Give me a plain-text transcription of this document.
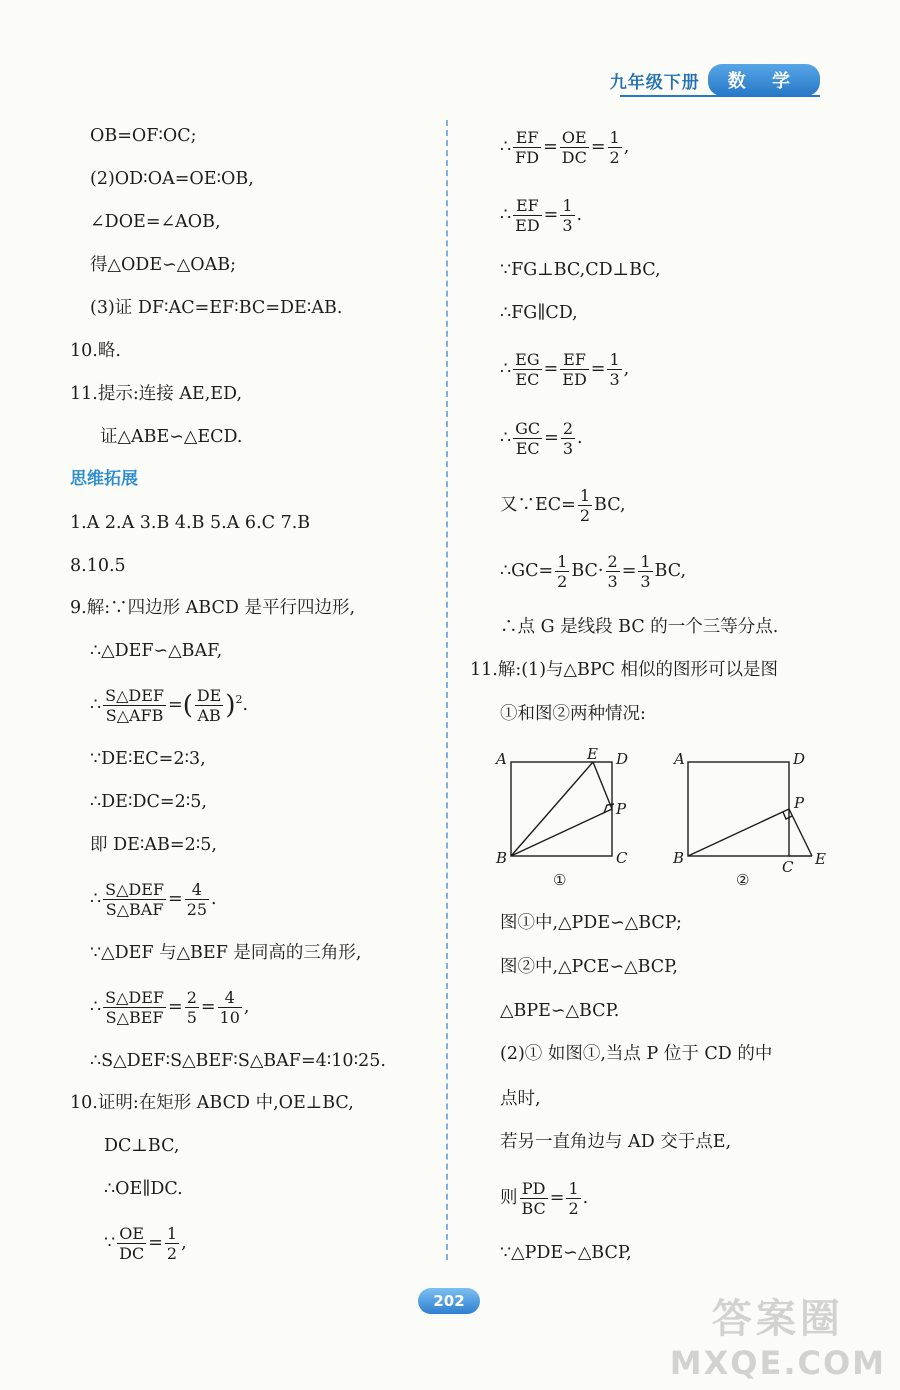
九年级下册	数 学
OB=OF∶OC;
(2)OD∶OA=OE∶OB,
∠DOE=∠AOB,
得△ODE∽△OAB;
(3)证 DF∶AC=EF∶BC=DE∶AB.
10.略.
11.提示:连接 AE,ED,
证△ABE∽△ECD.
思维拓展
1.A 2.A 3.B 4.B 5.A 6.C 7.B
8.10.5
9.解:∵四边形 ABCD 是平行四边形,
∴△DEF∽△BAF,
∴ $\frac{\text{S△DEF}}{\text{S△AFB}}$ =( $\frac{DE}{AB} )^2$.
∵DE∶EC=2∶3,
∴DE∶DC=2∶5,
即 DE∶AB=2∶5,
∴ $\frac{\text{S△DEF}}{\text{S△BAF}} = \frac{4}{25}$ .
∵△DEF 与△BEF 是同高的三角形,
∴ $\frac{\text{S△DEF}}{\text{S△BEF}} = \frac{2}{5} = \frac{4}{10}$ ,
∴S△DEF∶S△BEF∶S△BAF=4∶10∶25.
10.证明:在矩形 ABCD 中,OE⊥BC,
DC⊥BC,
∴OE∥DC.
∵ $\frac{OE}{DC} = \frac{1}{2}$ ,
∴ $\frac{EF}{FD} = \frac{OE}{DC} = \frac{1}{2}$ ,
∴ $\frac{EF}{ED} = \frac{1}{3}$ .
∵FG⊥BC,CD⊥BC,
∴FG∥CD,
∴ $\frac{EG}{EC} = \frac{EF}{ED} = \frac{1}{3}$ ,
∴ $\frac{GC}{EC} = \frac{2}{3}$ .
又∵EC= $\frac{1}{2}$ BC,
∴GC= $\frac{1}{2} BC\cdot \frac{2}{3} = \frac{1}{3}$ BC,
∴点 G 是线段 BC 的一个三等分点.
11.解:(1)与△BPC 相似的图形可以是图
①和图②两种情况:
A	E D
P
B	C
①
A	D
P
B	C E
②
图①中,△PDE∽△BCP;
图②中,△PCE∽△BCP,
△BPE∽△BCP.
(2)① 如图①,当点 P 位于 CD 的中
点时,
若另一直角边与 AD 交于点E,
则 $\frac{PD}{BC} = \frac{1}{2}$ .
∵△PDE∽△BCP,
202	答案圈
MXQE.COM
